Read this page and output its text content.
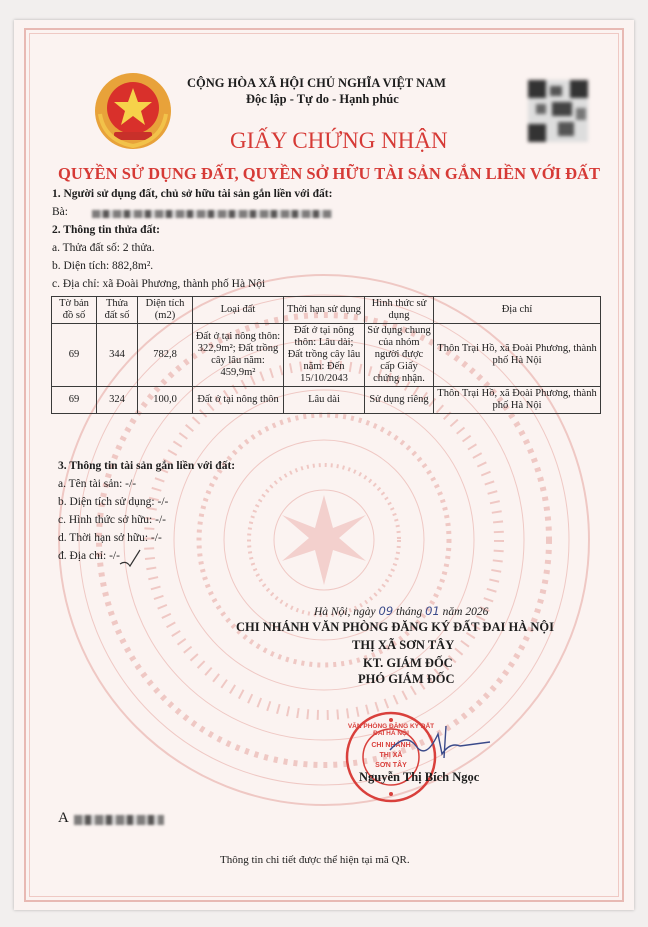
CỘNG HÒA XÃ HỘI CHỦ NGHĨA VIỆT NAM
Độc lập - Tự do - Hạnh phúc
GIẤY CHỨNG NHẬN
QUYỀN SỬ DỤNG ĐẤT, QUYỀN SỞ HỮU TÀI SẢN GẮN LIỀN VỚI ĐẤT
1. Người sử dụng đất, chủ sở hữu tài sản gắn liền với đất:
Bà:
2. Thông tin thửa đất:
a. Thửa đất số: 2 thửa.
b. Diện tích: 882,8m².
c. Địa chỉ: xã Đoài Phương, thành phố Hà Nội
Tờ bản đồ số	Thửa đất số	Diện tích (m2)	Loại đất	Thời hạn sử dụng	Hình thức sử dụng	Địa chỉ
69	344	782,8	Đất ở tại nông thôn: 322,9m²; Đất trồng cây lâu năm: 459,9m²	Đất ở tại nông thôn: Lâu dài; Đất trồng cây lâu năm: Đến 15/10/2043	Sử dụng chung của nhóm người được cấp Giấy chứng nhận.	Thôn Trại Hồ, xã Đoài Phương, thành phố Hà Nội
69	324	100,0	Đất ở tại nông thôn	Lâu dài	Sử dụng riêng	Thôn Trại Hồ, xã Đoài Phương, thành phố Hà Nội
3. Thông tin tài sản gắn liền với đất:
a. Tên tài sản: -/-
b. Diện tích sử dụng: -/-
c. Hình thức sở hữu: -/-
d. Thời hạn sở hữu: -/-
đ. Địa chỉ: -/-
Hà Nội, ngày 09 tháng 01 năm 2026
CHI NHÁNH VĂN PHÒNG ĐĂNG KÝ ĐẤT ĐAI HÀ NỘI
THỊ XÃ SƠN TÂY
KT. GIÁM ĐỐC
PHÓ GIÁM ĐỐC
VĂN PHÒNG ĐĂNG KÝ ĐẤT ĐAI HÀ NỘI
CHI NHÁNH
THỊ XÃ
SƠN TÂY
Nguyễn Thị Bích Ngọc
A
Thông tin chi tiết được thể hiện tại mã QR.
